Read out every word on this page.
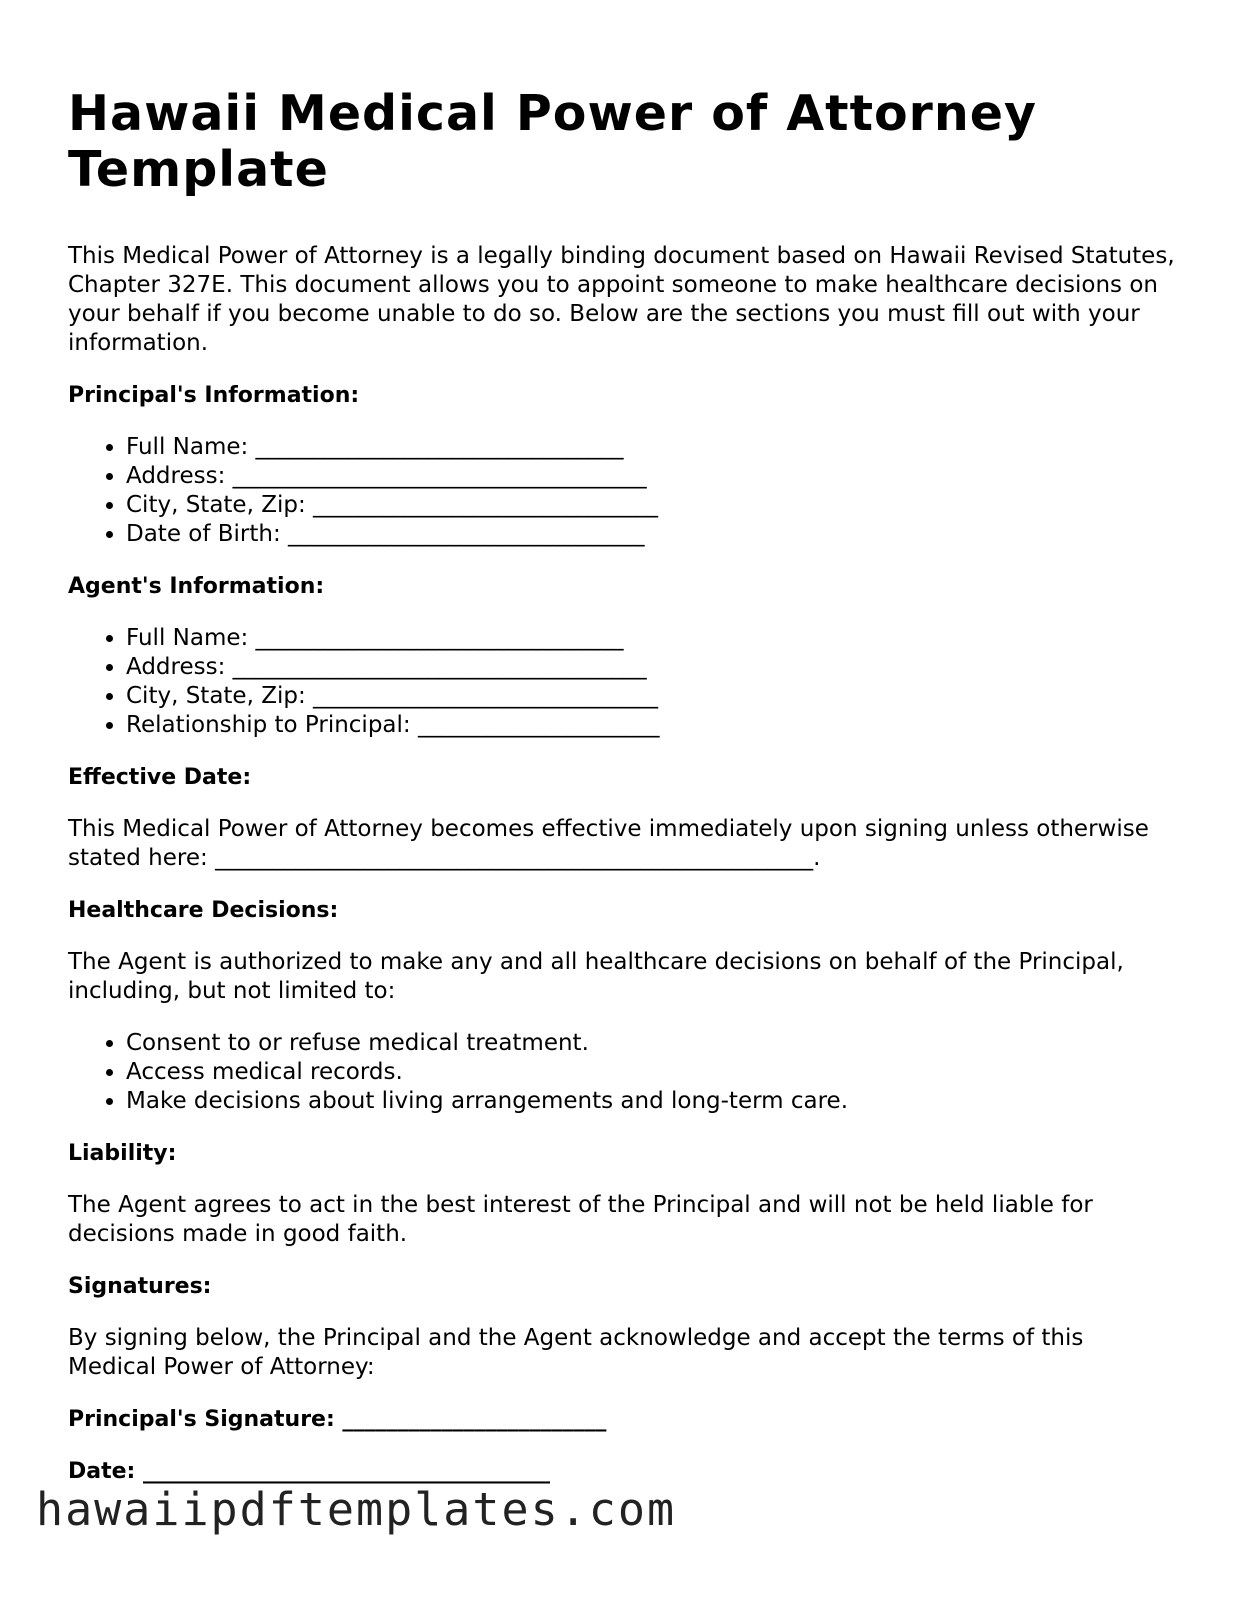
Hawaii Medical Power of Attorney Template

This Medical Power of Attorney is a legally binding document based on Hawaii Revised Statutes, Chapter 327E. This document allows you to appoint someone to make healthcare decisions on your behalf if you become unable to do so. Below are the sections you must fill out with your information.

Principal's Information:
• Full Name: ________________________________
• Address: ____________________________________
• City, State, Zip: ______________________________
• Date of Birth: _______________________________
Agent's Information:
• Full Name: ________________________________
• Address: ____________________________________
• City, State, Zip: ______________________________
• Relationship to Principal: _____________________
Effective Date:

This Medical Power of Attorney becomes effective immediately upon signing unless otherwise stated here: ____________________________________________________.

Healthcare Decisions:

The Agent is authorized to make any and all healthcare decisions on behalf of the Principal, including, but not limited to:

• Consent to or refuse medical treatment.
• Access medical records.
• Make decisions about living arrangements and long-term care.
Liability:

The Agent agrees to act in the best interest of the Principal and will not be held liable for decisions made in good faith.

Signatures:

By signing below, the Principal and the Agent acknowledge and accept the terms of this Medical Power of Attorney:

Principal's Signature: ________________________
Date: _____________________________________
hawaiipdftemplates.com
